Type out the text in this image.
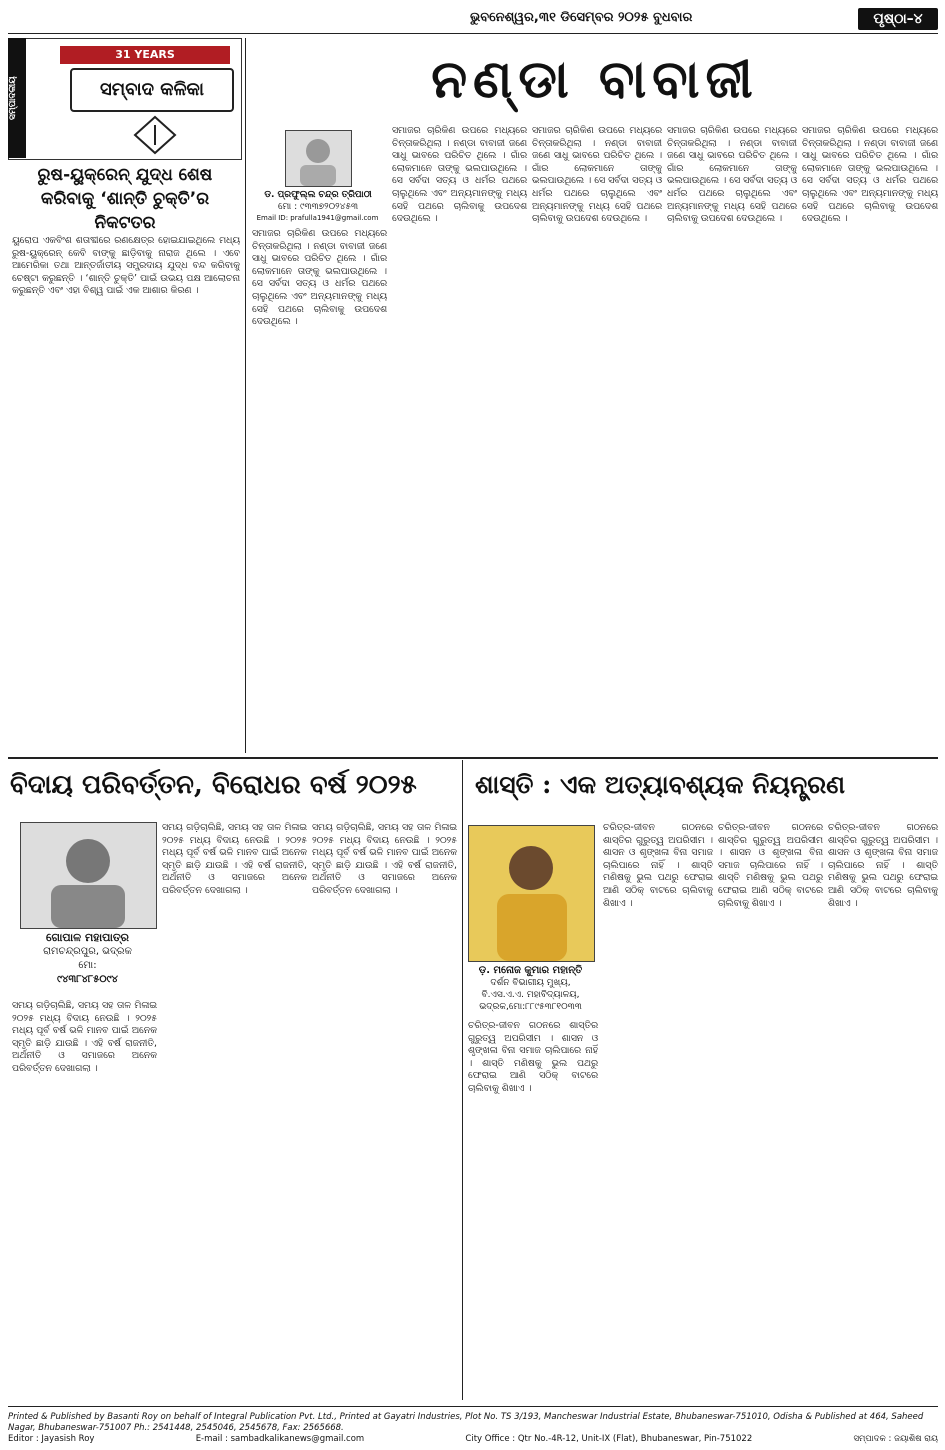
ଭୁବନେଶ୍ୱର,୩୧ ଡିସେମ୍ବର ୨୦୨୫ ବୁଧବାର	ପୃଷ୍ଠା–୪
ସମ୍ପାଦକୀୟ
31 YEARS
ସମ୍ବାଦ କଳିକା	ନଣ୍ଡା ବାବାଜୀ
ରୁଷ-ୟୁକ୍ରେନ୍ ଯୁଦ୍ଧ ଶେଷ କରିବାକୁ ‘ଶାନ୍ତି ଚୁକ୍ତି’ର ନିକଟତର

ୟୁରୋପ ଏକବିଂଶ ଶତାବ୍ଦୀରେ ରଣକ୍ଷେତ୍ର ହୋଇଯାଇଥିଲେ ମଧ୍ୟ ରୁଷ-ୟୁକ୍ରେନ୍ କେବି ବାଙ୍କୁ ଛାଡ଼ିବାକୁ ନାରାଜ ଥିଲେ । ଏବେ ଆମେରିକା ତଥା ଆନ୍ତର୍ଜାତୀୟ ସମ୍ପ୍ରଦାୟ ଯୁଦ୍ଧ ବନ୍ଦ କରିବାକୁ ଚେଷ୍ଟା କରୁଛନ୍ତି । ‘ଶାନ୍ତି ଚୁକ୍ତି’ ପାଇଁ ଉଭୟ ପକ୍ଷ ଆଲୋଚନା କରୁଛନ୍ତି ଏବଂ ଏହା ବିଶ୍ୱ ପାଇଁ ଏକ ଆଶାର କିରଣ ।

ଡ. ପ୍ରଫୁଲ୍ଲ ଚନ୍ଦ୍ର ତ୍ରିପାଠୀ
ମୋ : ୯୩୩୭୨୦୨୪୫୩
Email ID: prafulla1941@gmail.com

ସମାଜର ଚାରିକିଣ ଉପରେ ମଧ୍ୟରେ ଚିନ୍ତାକରିଥିଲା । ନଣ୍ଡା ବାବାଜୀ ଜଣେ ସାଧୁ ଭାବରେ ପରିଚିତ ଥିଲେ । ଗାଁର ଲୋକମାନେ ତାଙ୍କୁ ଭଲପାଉଥିଲେ । ସେ ସର୍ବଦା ସତ୍ୟ ଓ ଧର୍ମର ପଥରେ ଚାଲୁଥିଲେ ଏବଂ ଅନ୍ୟମାନଙ୍କୁ ମଧ୍ୟ ସେହି ପଥରେ ଚାଲିବାକୁ ଉପଦେଶ ଦେଉଥିଲେ ।

ସମାଜର ଚାରିକିଣ ଉପରେ ମଧ୍ୟରେ ଚିନ୍ତାକରିଥିଲା । ନଣ୍ଡା ବାବାଜୀ ଜଣେ ସାଧୁ ଭାବରେ ପରିଚିତ ଥିଲେ । ଗାଁର ଲୋକମାନେ ତାଙ୍କୁ ଭଲପାଉଥିଲେ । ସେ ସର୍ବଦା ସତ୍ୟ ଓ ଧର୍ମର ପଥରେ ଚାଲୁଥିଲେ ଏବଂ ଅନ୍ୟମାନଙ୍କୁ ମଧ୍ୟ ସେହି ପଥରେ ଚାଲିବାକୁ ଉପଦେଶ ଦେଉଥିଲେ ।

ସମାଜର ଚାରିକିଣ ଉପରେ ମଧ୍ୟରେ ଚିନ୍ତାକରିଥିଲା । ନଣ୍ଡା ବାବାଜୀ ଜଣେ ସାଧୁ ଭାବରେ ପରିଚିତ ଥିଲେ । ଗାଁର ଲୋକମାନେ ତାଙ୍କୁ ଭଲପାଉଥିଲେ । ସେ ସର୍ବଦା ସତ୍ୟ ଓ ଧର୍ମର ପଥରେ ଚାଲୁଥିଲେ ଏବଂ ଅନ୍ୟମାନଙ୍କୁ ମଧ୍ୟ ସେହି ପଥରେ ଚାଲିବାକୁ ଉପଦେଶ ଦେଉଥିଲେ ।

ସମାଜର ଚାରିକିଣ ଉପରେ ମଧ୍ୟରେ ଚିନ୍ତାକରିଥିଲା । ନଣ୍ଡା ବାବାଜୀ ଜଣେ ସାଧୁ ଭାବରେ ପରିଚିତ ଥିଲେ । ଗାଁର ଲୋକମାନେ ତାଙ୍କୁ ଭଲପାଉଥିଲେ । ସେ ସର୍ବଦା ସତ୍ୟ ଓ ଧର୍ମର ପଥରେ ଚାଲୁଥିଲେ ଏବଂ ଅନ୍ୟମାନଙ୍କୁ ମଧ୍ୟ ସେହି ପଥରେ ଚାଲିବାକୁ ଉପଦେଶ ଦେଉଥିଲେ ।

ସମାଜର ଚାରିକିଣ ଉପରେ ମଧ୍ୟରେ ଚିନ୍ତାକରିଥିଲା । ନଣ୍ଡା ବାବାଜୀ ଜଣେ ସାଧୁ ଭାବରେ ପରିଚିତ ଥିଲେ । ଗାଁର ଲୋକମାନେ ତାଙ୍କୁ ଭଲପାଉଥିଲେ । ସେ ସର୍ବଦା ସତ୍ୟ ଓ ଧର୍ମର ପଥରେ ଚାଲୁଥିଲେ ଏବଂ ଅନ୍ୟମାନଙ୍କୁ ମଧ୍ୟ ସେହି ପଥରେ ଚାଲିବାକୁ ଉପଦେଶ ଦେଉଥିଲେ ।

ବିଦାୟ ପରିବର୍ତ୍ତନ, ବିରୋଧର ବର୍ଷ ୨୦୨୫
ଗୋପାଳ ମହାପାତ୍ର
ରାମଚନ୍ଦ୍ରପୁର, ଭଦ୍ରକ
ମୋ:
୯୪୩୮୪୮୫୦୯୪

ସମୟ ଗଡ଼ିଚାଲିଛି, ସମୟ ସହ ତାଳ ମିଳାଇ ୨୦୨୫ ମଧ୍ୟ ବିଦାୟ ନେଉଛି । ୨୦୨୫ ମଧ୍ୟ ପୂର୍ବ ବର୍ଷ ଭଳି ମାନବ ପାଇଁ ଅନେକ ସ୍ମୃତି ଛାଡ଼ି ଯାଉଛି । ଏହି ବର୍ଷ ରାଜନୀତି, ଅର୍ଥନୀତି ଓ ସମାଜରେ ଅନେକ ପରିବର୍ତ୍ତନ ଦେଖାଗଲା ।

ସମୟ ଗଡ଼ିଚାଲିଛି, ସମୟ ସହ ତାଳ ମିଳାଇ ୨୦୨୫ ମଧ୍ୟ ବିଦାୟ ନେଉଛି । ୨୦୨୫ ମଧ୍ୟ ପୂର୍ବ ବର୍ଷ ଭଳି ମାନବ ପାଇଁ ଅନେକ ସ୍ମୃତି ଛାଡ଼ି ଯାଉଛି । ଏହି ବର୍ଷ ରାଜନୀତି, ଅର୍ଥନୀତି ଓ ସମାଜରେ ଅନେକ ପରିବର୍ତ୍ତନ ଦେଖାଗଲା ।

ସମୟ ଗଡ଼ିଚାଲିଛି, ସମୟ ସହ ତାଳ ମିଳାଇ ୨୦୨୫ ମଧ୍ୟ ବିଦାୟ ନେଉଛି । ୨୦୨୫ ମଧ୍ୟ ପୂର୍ବ ବର୍ଷ ଭଳି ମାନବ ପାଇଁ ଅନେକ ସ୍ମୃତି ଛାଡ଼ି ଯାଉଛି । ଏହି ବର୍ଷ ରାଜନୀତି, ଅର୍ଥନୀତି ଓ ସମାଜରେ ଅନେକ ପରିବର୍ତ୍ତନ ଦେଖାଗଲା ।

ଶାସ୍ତି : ଏକ ଅତ୍ୟାବଶ୍ୟକ ନିୟନ୍ତ୍ରଣ
ଡ଼. ମନୋଜ କୁମାର ମହାନ୍ତି
ଦର୍ଶନ ବିଭାଗୀୟ ମୁଖ୍ୟ,
ବି.ଏସ.ଏ.ଏ. ମହାବିଦ୍ୟାଳୟ,
ଭଦ୍ରକ,ମୋ:୮୮୯୫୩୮୧୦୩୩

ଚରିତ୍ର-ଜୀବନ ଗଠନରେ ଶାସ୍ତିର ଗୁରୁତ୍ୱ ଅପରିସୀମ । ଶାସନ ଓ ଶୃଙ୍ଖଳା ବିନା ସମାଜ ଚାଲିପାରେ ନାହିଁ । ଶାସ୍ତି ମଣିଷକୁ ଭୁଲ ପଥରୁ ଫେରାଇ ଆଣି ସଠିକ୍ ବାଟରେ ଚାଲିବାକୁ ଶିଖାଏ ।

ଚରିତ୍ର-ଜୀବନ ଗଠନରେ ଶାସ୍ତିର ଗୁରୁତ୍ୱ ଅପରିସୀମ । ଶାସନ ଓ ଶୃଙ୍ଖଳା ବିନା ସମାଜ ଚାଲିପାରେ ନାହିଁ । ଶାସ୍ତି ମଣିଷକୁ ଭୁଲ ପଥରୁ ଫେରାଇ ଆଣି ସଠିକ୍ ବାଟରେ ଚାଲିବାକୁ ଶିଖାଏ ।

ଚରିତ୍ର-ଜୀବନ ଗଠନରେ ଶାସ୍ତିର ଗୁରୁତ୍ୱ ଅପରିସୀମ । ଶାସନ ଓ ଶୃଙ୍ଖଳା ବିନା ସମାଜ ଚାଲିପାରେ ନାହିଁ । ଶାସ୍ତି ମଣିଷକୁ ଭୁଲ ପଥରୁ ଫେରାଇ ଆଣି ସଠିକ୍ ବାଟରେ ଚାଲିବାକୁ ଶିଖାଏ ।

ଚରିତ୍ର-ଜୀବନ ଗଠନରେ ଶାସ୍ତିର ଗୁରୁତ୍ୱ ଅପରିସୀମ । ଶାସନ ଓ ଶୃଙ୍ଖଳା ବିନା ସମାଜ ଚାଲିପାରେ ନାହିଁ । ଶାସ୍ତି ମଣିଷକୁ ଭୁଲ ପଥରୁ ଫେରାଇ ଆଣି ସଠିକ୍ ବାଟରେ ଚାଲିବାକୁ ଶିଖାଏ ।

Printed & Published by Basanti Roy on behalf of Integral Publication Pvt. Ltd., Printed at Gayatri Industries, Plot No. TS 3/193, Mancheswar Industrial Estate, Bhubaneswar-751010, Odisha & Published at 464, Saheed Nagar, Bhubaneswar-751007 Ph.: 2541448, 2545046, 2545678, Fax: 2565668.
Editor : Jayasish Roy	E-mail : sambadkalikanews@gmail.com	City Office : Qtr No.-4R-12, Unit-IX (Flat), Bhubaneswar, Pin-751022	ସମ୍ପାଦକ : ଜୟାଶିଷ ରାୟ
